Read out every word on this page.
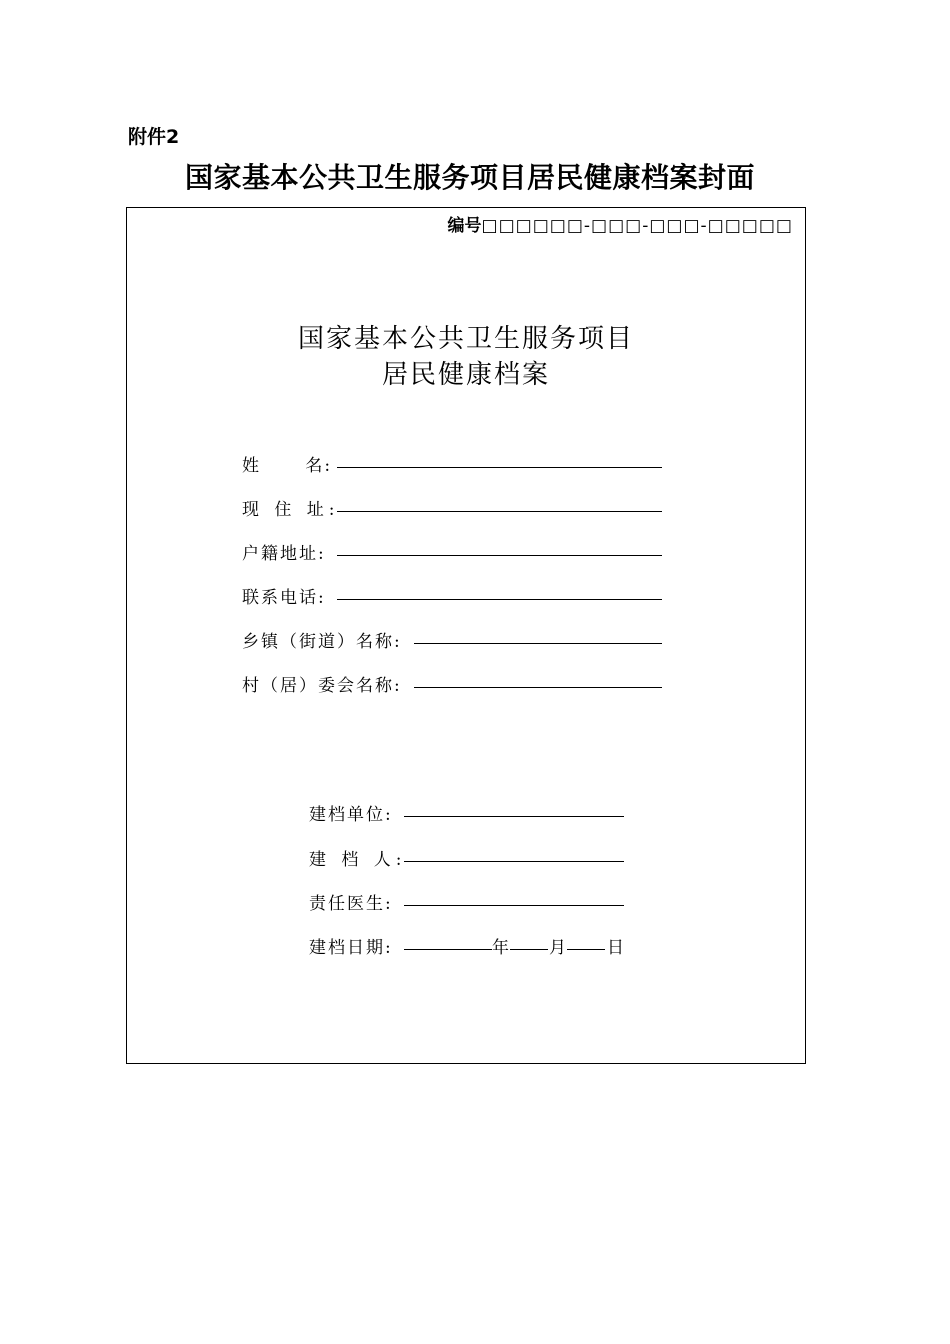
附件2
国家基本公共卫生服务项目居民健康档案封面
编号□□□□□□-□□□-□□□-□□□□□
国家基本公共卫生服务项目
居民健康档案
姓      名:
现 住 址:
户籍地址:
联系电话:
乡镇（街道）名称:
村（居）委会名称:
建档单位:
建 档 人:
责任医生:
建档日期:	年 月 日
